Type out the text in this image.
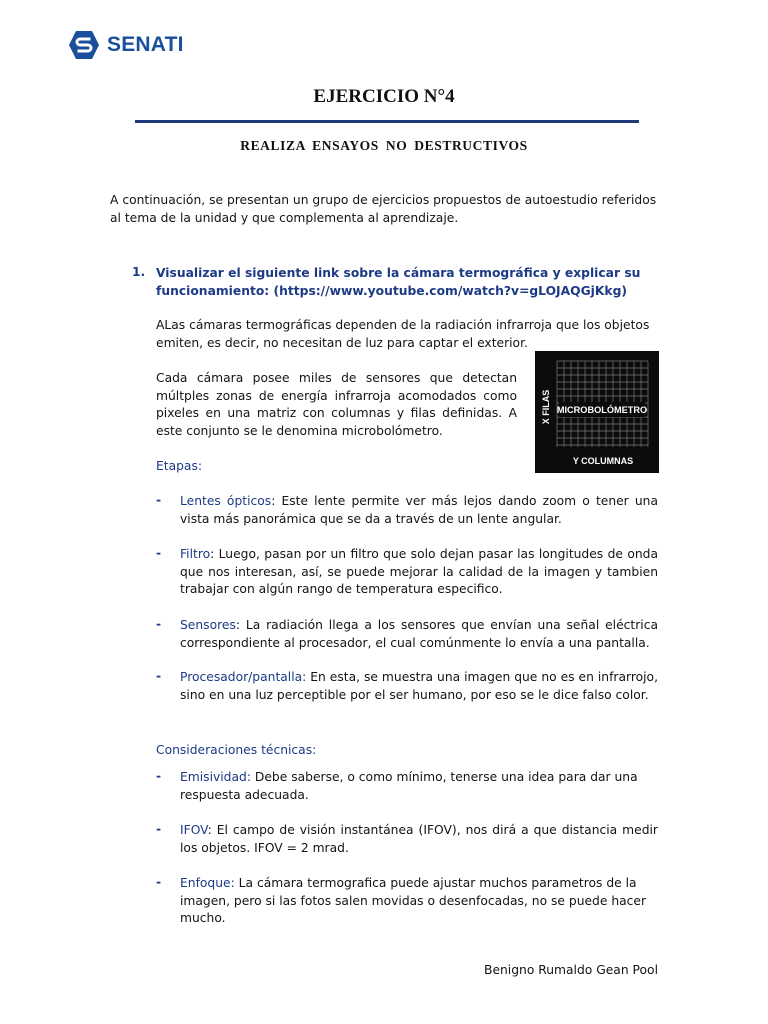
SENATI
EJERCICIO N°4
REALIZA ENSAYOS NO DESTRUCTIVOS
A continuación, se presentan un grupo de ejercicios propuestos de autoestudio referidos al tema de la unidad y que complementa al aprendizaje.
1. Visualizar el siguiente link sobre la cámara termográfica y explicar su funcionamiento: (https://www.youtube.com/watch?v=gLOJAQGjKkg)
ALas cámaras termográficas dependen de la radiación infrarroja que los objetos emiten, es decir, no necesitan de luz para captar el exterior.
Cada cámara posee miles de sensores que detectan múltples zonas de energía infrarroja acomodados como pixeles en una matriz con columnas y filas definidas. A este conjunto se le denomina microbolómetro.
MICROBOLÓMETRO
X FILAS
Y COLUMNAS
Etapas:
- Lentes ópticos: Este lente permite ver más lejos dando zoom o tener una vista más panorámica que se da a través de un lente angular.
- Filtro: Luego, pasan por un filtro que solo dejan pasar las longitudes de onda que nos interesan, así, se puede mejorar la calidad de la imagen y tambien trabajar con algún rango de temperatura especifico.
- Sensores: La radiación llega a los sensores que envían una señal eléctrica correspondiente al procesador, el cual comúnmente lo envía a una pantalla.
- Procesador/pantalla: En esta, se muestra una imagen que no es en infrarrojo, sino en una luz perceptible por el ser humano, por eso se le dice falso color.
Consideraciones técnicas:
- Emisividad: Debe saberse, o como mínimo, tenerse una idea para dar una respuesta adecuada.
- IFOV: El campo de visión instantánea (IFOV), nos dirá a que distancia medir los objetos. IFOV = 2 mrad.
- Enfoque: La cámara termografica puede ajustar muchos parametros de la imagen, pero si las fotos salen movidas o desenfocadas, no se puede hacer mucho.
Benigno Rumaldo Gean Pool
